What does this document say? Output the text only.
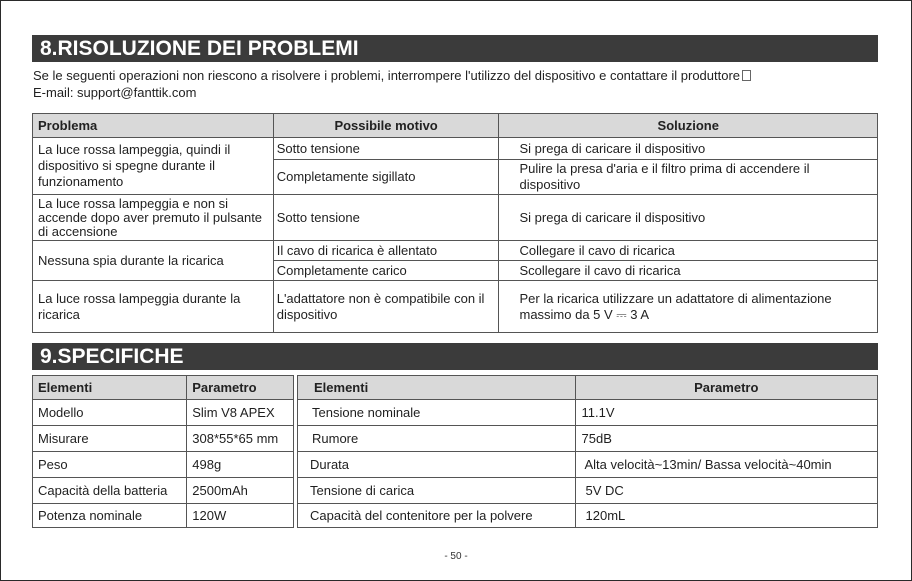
8.RISOLUZIONE DEI PROBLEMI
Se le seguenti operazioni non riescono a risolvere i problemi, interrompere l'utilizzo del dispositivo e contattare il produttore
E-mail: support@fanttik.com
Problema	Possibile motivo	Soluzione
La luce rossa lampeggia, quindi il dispositivo si spegne durante il funzionamento	Sotto tensione	Si prega di caricare il dispositivo
	Completamente sigillato	Pulire la presa d'aria e il filtro prima di accendere il dispositivo
La luce rossa lampeggia e non si accende dopo aver premuto il pulsante di accensione	Sotto tensione	Si prega di caricare il dispositivo
Nessuna spia durante la ricarica	Il cavo di ricarica è allentato	Collegare il cavo di ricarica
	Completamente carico	Scollegare il cavo di ricarica
La luce rossa lampeggia durante la ricarica	L'adattatore non è compatibile con il dispositivo	Per la ricarica utilizzare un adattatore di alimentazione massimo da 5 V ⎓ 3 A
9.SPECIFICHE
Elementi	Parametro
Modello	Slim V8 APEX
Misurare	308*55*65 mm
Peso	498g
Capacità della batteria	2500mAh
Potenza nominale	120W
Elementi	Parametro
Tensione nominale	11.1V
Rumore	75dB
Durata	Alta velocità~13min/ Bassa velocità~40min
Tensione di carica	5V DC
Capacità del contenitore per la polvere	120mL
- 50 -
